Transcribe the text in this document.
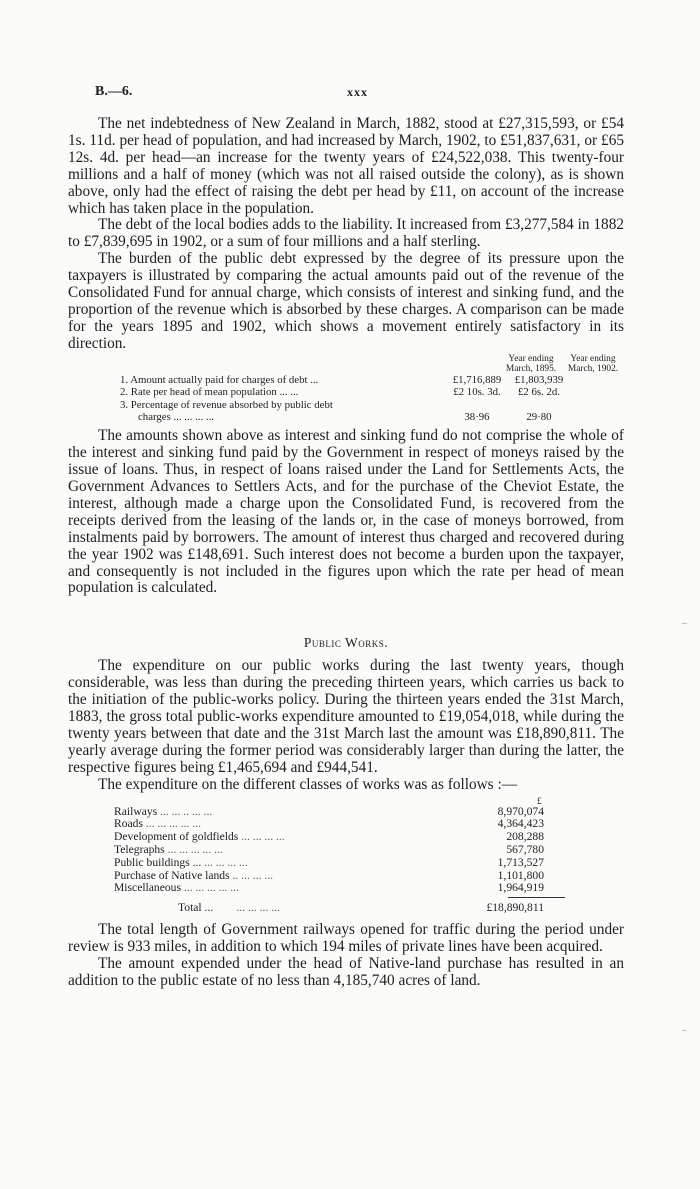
B.—6.	xxx

The net indebtedness of New Zealand in March, 1882, stood at £27,315,593, or £54 1s. 11d. per head of population, and had increased by March, 1902, to £51,837,631, or £65 12s. 4d. per head—an increase for the twenty years of £24,522,038. This twenty-four millions and a half of money (which was not all raised outside the colony), as is shown above, only had the effect of raising the debt per head by £11, on account of the increase which has taken place in the population.

The debt of the local bodies adds to the liability. It increased from £3,277,584 in 1882 to £7,839,695 in 1902, or a sum of four millions and a half sterling.

The burden of the public debt expressed by the degree of its pressure upon the taxpayers is illustrated by comparing the actual amounts paid out of the revenue of the Consolidated Fund for annual charge, which consists of interest and sinking fund, and the proportion of the revenue which is absorbed by these charges. A comparison can be made for the years 1895 and 1902, which shows a movement entirely satisfactory in its direction.

Year ending March, 1895.
Year ending March, 1902.
1. Amount actually paid for charges of debt ...	£1,716,889	£1,803,939
2. Rate per head of mean population ... ...	£2 10s. 3d.	£2 6s. 2d.
3. Percentage of revenue absorbed by public debt
charges ... ... ... ...	38·96	29·80

The amounts shown above as interest and sinking fund do not comprise the whole of the interest and sinking fund paid by the Government in respect of moneys raised by the issue of loans. Thus, in respect of loans raised under the Land for Settlements Acts, the Government Advances to Settlers Acts, and for the purchase of the Cheviot Estate, the interest, although made a charge upon the Consolidated Fund, is recovered from the receipts derived from the leasing of the lands or, in the case of moneys borrowed, from instalments paid by borrowers. The amount of interest thus charged and recovered during the year 1902 was £148,691. Such interest does not become a burden upon the taxpayer, and consequently is not included in the figures upon which the rate per head of mean population is calculated.

Public Works.

The expenditure on our public works during the last twenty years, though considerable, was less than during the preceding thirteen years, which carries us back to the initiation of the public-works policy. During the thirteen years ended the 31st March, 1883, the gross total public-works expenditure amounted to £19,054,018, while during the twenty years between that date and the 31st March last the amount was £18,890,811. The yearly average during the former period was considerably larger than during the latter, the respective figures being £1,465,694 and £944,541.

The expenditure on the different classes of works was as follows :—

£
Railways ... ... .. ... ...	8,970,074
Roads ... ... ... ... ...	4,364,423
Development of goldfields ... ... ... ...	208,288
Telegraphs ... ... ... ... ...	567,780
Public buildings ... ... ... ... ...	1,713,527
Purchase of Native lands .. ... ... ...	1,101,800
Miscellaneous ... ... ... ... ...	1,964,919
Total ... ... ... ... ...	£18,890,811

The total length of Government railways opened for traffic during the period under review is 933 miles, in addition to which 194 miles of private lines have been acquired.

The amount expended under the head of Native-land purchase has resulted in an addition to the public estate of no less than 4,185,740 acres of land.

–
–
